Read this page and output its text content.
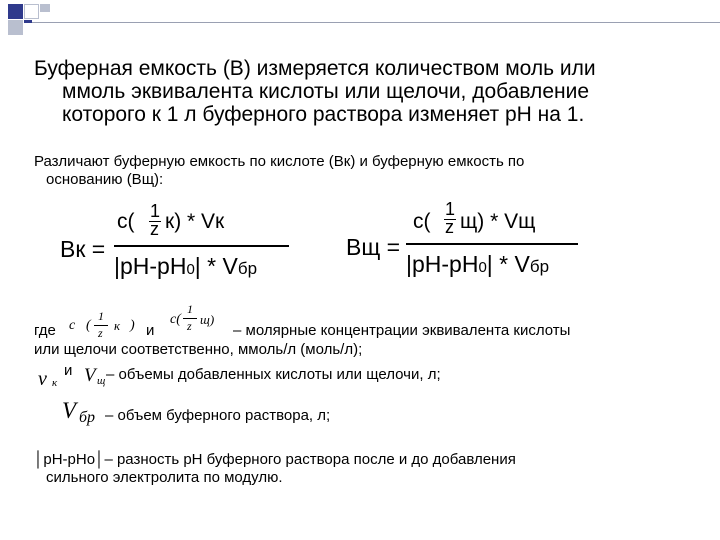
Буферная емкость (В) измеряется количеством моль или
ммоль эквивалента кислоты или щелочи, добавление
которого к 1 л буферного раствора изменяет рН на 1.
Различают буферную емкость по кислоте (Вк) и буферную емкость по
основанию (Вщ):
с( 1
z к) * Vк
Вк =
|рН-рН0| * Vбр
с(
1
z щ) * Vщ
Вщ =
|рН-рН0| * Vбр
где c (
1
z к ) и
c(
1
z щ)
– молярные концентрации эквивалента кислоты
или щелочи соответственно, ммоль/л (моль/л);
ν к
и V щ – объемы добавленных кислоты или щелочи, л;
V бр – объем буферного раствора, л;
│рН-рНо│– разность рН буферного раствора после и до добавления
сильного электролита по модулю.
